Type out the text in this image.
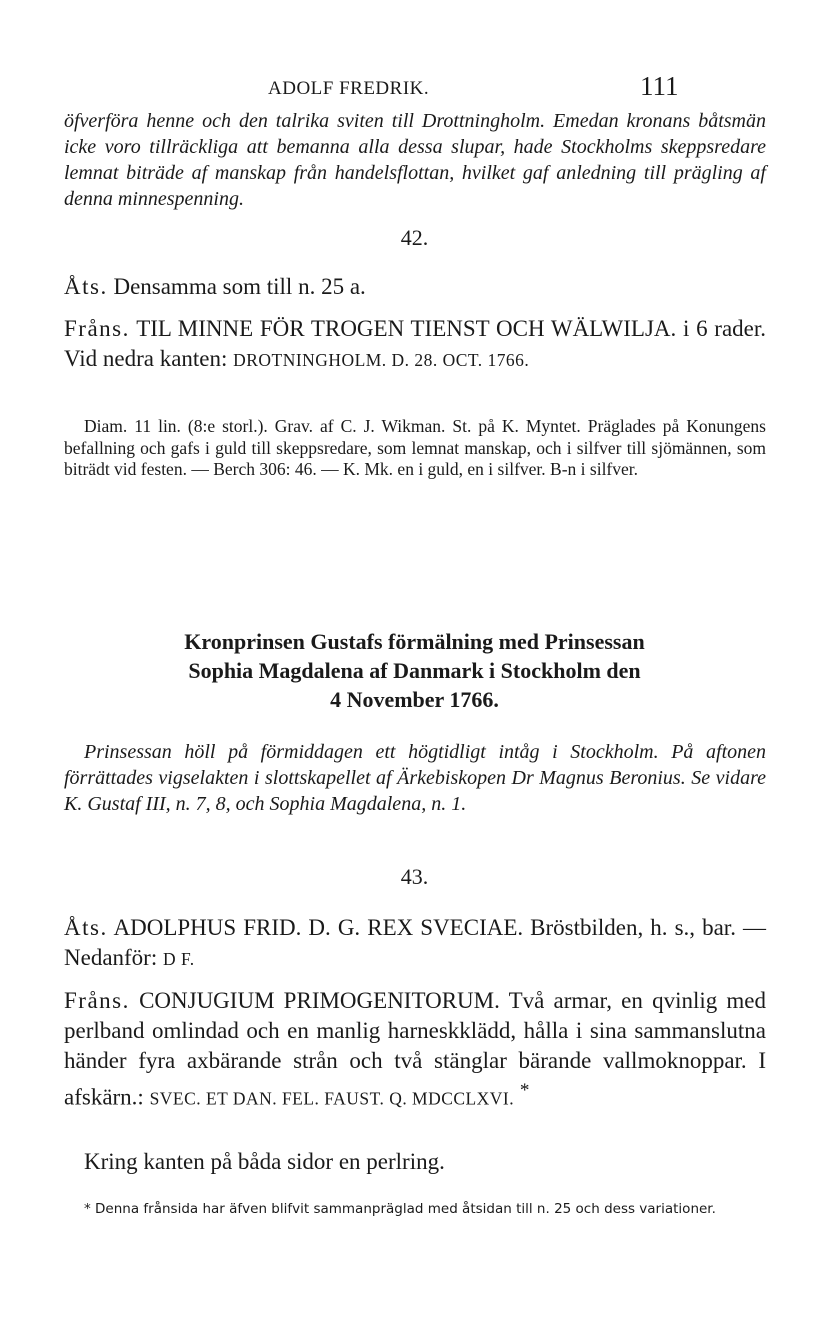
ADOLF FREDRIK.	111
öfverföra henne och den talrika sviten till Drottningholm. Emedan kronans båtsmän icke voro tillräckliga att bemanna alla dessa slupar, hade Stockholms skeppsredare lemnat biträde af manskap från handelsflottan, hvilket gaf anledning till prägling af denna minnespenning.
42.
Åts. Densamma som till n. 25 a.
Fråns. TIL MINNE FÖR TROGEN TIENST OCH WÄLWILJA. i 6 rader. Vid nedra kanten: DROTNINGHOLM. D. 28. OCT. 1766.
Diam. 11 lin. (8:e storl.). Grav. af C. J. Wikman. St. på K. Myntet. Präglades på Konungens befallning och gafs i guld till skeppsredare, som lemnat manskap, och i silfver till sjömännen, som biträdt vid festen. — Berch 306: 46. — K. Mk. en i guld, en i silfver. B-n i silfver.
Kronprinsen Gustafs förmälning med Prinsessan
Sophia Magdalena af Danmark i Stockholm den
4 November 1766.
Prinsessan höll på förmiddagen ett högtidligt intåg i Stockholm. På aftonen förrättades vigselakten i slottskapellet af Ärkebiskopen Dr Magnus Beronius. Se vidare K. Gustaf III, n. 7, 8, och Sophia Magdalena, n. 1.
43.
Åts. ADOLPHUS FRID. D. G. REX SVECIAE. Bröstbilden, h. s., bar. — Nedanför: D F.
Fråns. CONJUGIUM PRIMOGENITORUM. Två armar, en qvinlig med perlband omlindad och en manlig harneskklädd, hålla i sina sammanslutna händer fyra axbärande strån och två stänglar bärande vallmoknoppar. I afskärn.: SVEC. ET DAN. FEL. FAUST. Q. MDCCLXVI. *
Kring kanten på båda sidor en perlring.
* Denna frånsida har äfven blifvit sammanpräglad med åtsidan till n. 25 och dess variationer.
